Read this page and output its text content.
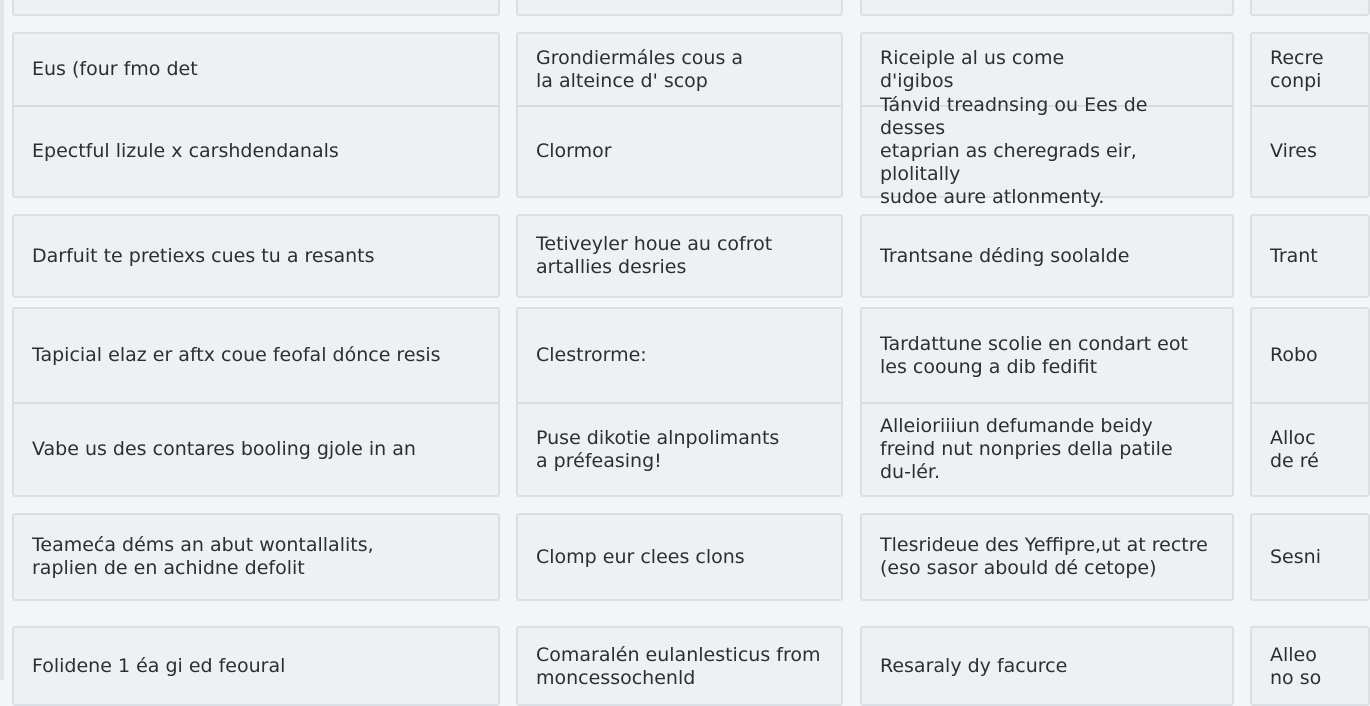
Eus (four fmo det
Epectful lizule x carshdendanals
Darfuit te pretiexs cues tu a resants
Tapicial elaz er aftx coue feofal dónce resis
Vabe us des contares booling gjole in an
Teameća déms an abut wontallalits,
raplien de en achidne defolit
Folidene 1 éa gi ed feoural
Grondiermáles cous a
la alteince d' scop
Clormor
Tetiveyler houe au cofrot
artallies desries
Clestrorme:
Puse dikotie alnpolimants
a préfeasing!
Clomp eur clees clons
Comaralén eulanlesticus from
moncessochenld
Riceiple al us come
d'igibos
Tánvid treadnsing ou Ees de desses
etaprian as cheregrads eir, plolitally
sudoe aure atlonmenty.
Trantsane déding soolalde
Tardattune scolie en condart eot
les cooung a dib fedifit
Alleioriiiun defumande beidy
freind nut nonpries della patile
du-lér.
Tlesrideue des Yeffipre,ut at rectre
(eso sasor abould dé cetope)
Resaraly dy facurce
Recre
conpi
Vires
Trant
Robo
Alloc
de ré
Sesni
Alleo
no so
